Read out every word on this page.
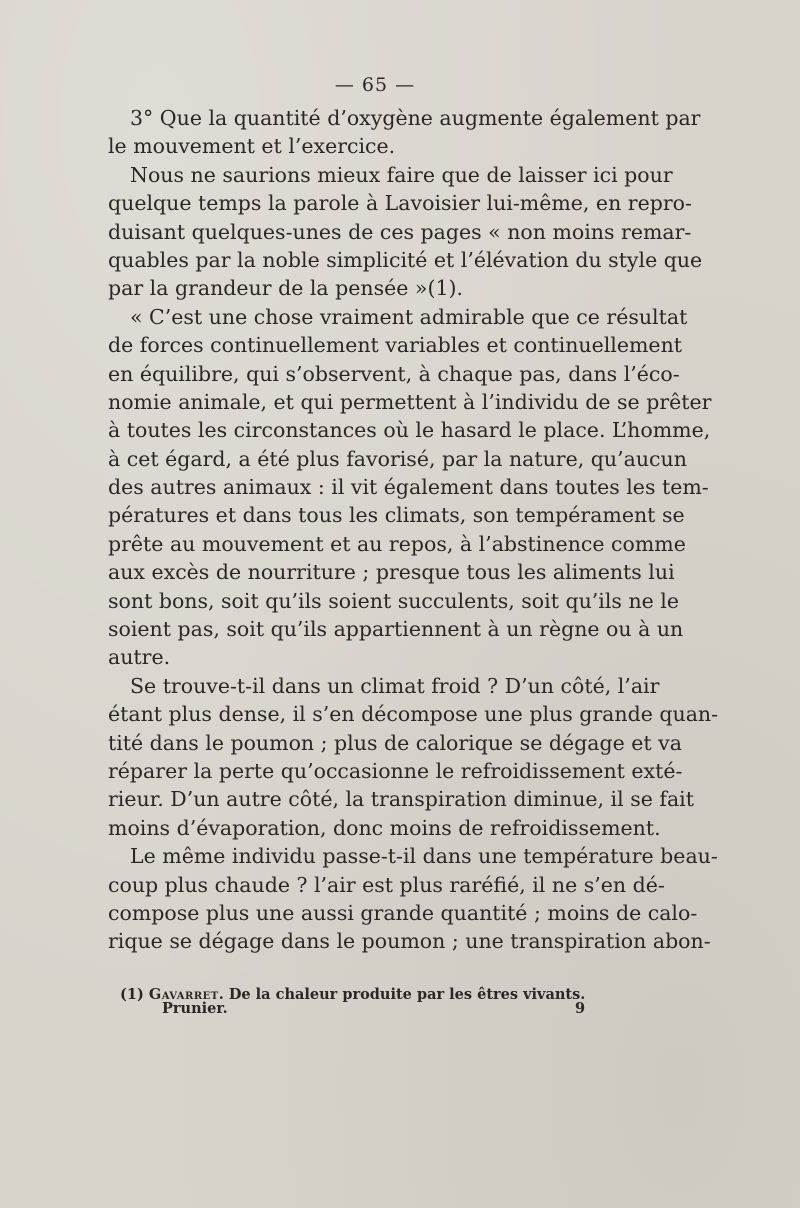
— 65 —
3° Que la quantité d’oxygène augmente également par
le mouvement et l’exercice.
Nous ne saurions mieux faire que de laisser ici pour
quelque temps la parole à Lavoisier lui-même, en repro-
duisant quelques-unes de ces pages « non moins remar-
quables par la noble simplicité et l’élévation du style que
par la grandeur de la pensée »(1).
« C’est une chose vraiment admirable que ce résultat
de forces continuellement variables et continuellement
en équilibre, qui s’observent, à chaque pas, dans l’éco-
nomie animale, et qui permettent à l’individu de se prêter
à toutes les circonstances où le hasard le place. L’homme,
à cet égard, a été plus favorisé, par la nature, qu’aucun
des autres animaux : il vit également dans toutes les tem-
pératures et dans tous les climats, son tempérament se
prête au mouvement et au repos, à l’abstinence comme
aux excès de nourriture ; presque tous les aliments lui
sont bons, soit qu’ils soient succulents, soit qu’ils ne le
soient pas, soit qu’ils appartiennent à un règne ou à un
autre.
Se trouve-t-il dans un climat froid ? D’un côté, l’air
étant plus dense, il s’en décompose une plus grande quan-
tité dans le poumon ; plus de calorique se dégage et va
réparer la perte qu’occasionne le refroidissement exté-
rieur. D’un autre côté, la transpiration diminue, il se fait
moins d’évaporation, donc moins de refroidissement.
Le même individu passe-t-il dans une température beau-
coup plus chaude ? l’air est plus raréfié, il ne s’en dé-
compose plus une aussi grande quantité ; moins de calo-
rique se dégage dans le poumon ; une transpiration abon-
(1) Gavarret. De la chaleur produite par les êtres vivants.
Prunier.	9
